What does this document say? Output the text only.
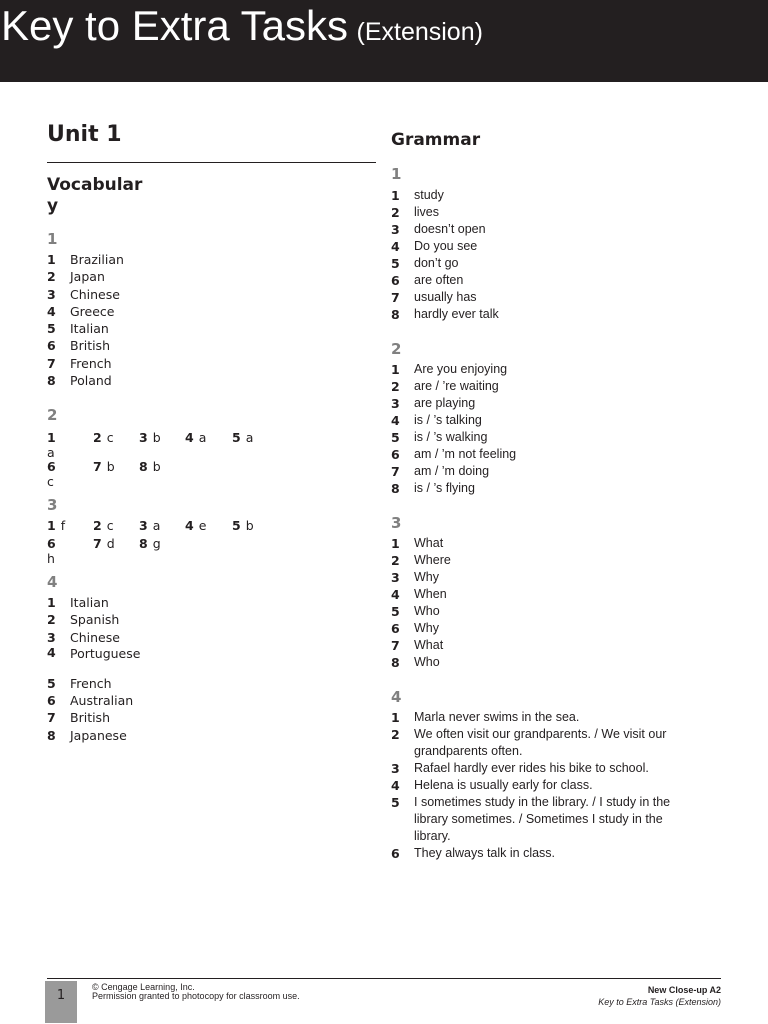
Key to Extra Tasks (Extension)
Unit 1
Vocabulary
1
1 Brazilian
2 Japan
3 Chinese
4 Greece
5 Italian
6 British
7 French
8 Poland
2
1a
2 c 3 b 4 a 5 a
6c
7 b 8 b
3
1 f 2 c 3 a 4 e 5 b
6h
7 d 8 g
4
1 Italian
2 Spanish
3 Chinese
4 Portuguese
5 French
6 Australian
7 British
8 Japanese
Grammar
1
1 study
2 lives
3 doesn’t open
4 Do you see
5 don’t go
6 are often
7 usually has
8 hardly ever talk
2
1 Are you enjoying
2 are / ’re waiting
3 are playing
4 is / ’s talking
5 is / ’s walking
6 am / ’m not feeling
7 am / ’m doing
8 is / ’s flying
3
1 What
2 Where
3 Why
4 When
5 Who
6 Why
7 What
8 Who
4
1 Marla never swims in the sea.
2 We often visit our grandparents. / We visit our grandparents often.
3 Rafael hardly ever rides his bike to school.
4 Helena is usually early for class.
5 I sometimes study in the library. / I study in the library sometimes. / Sometimes I study in the library.
6 They always talk in class.
1
© Cengage Learning, Inc.
Permission granted to photocopy for classroom use.
New Close-up A2
Key to Extra Tasks (Extension)
